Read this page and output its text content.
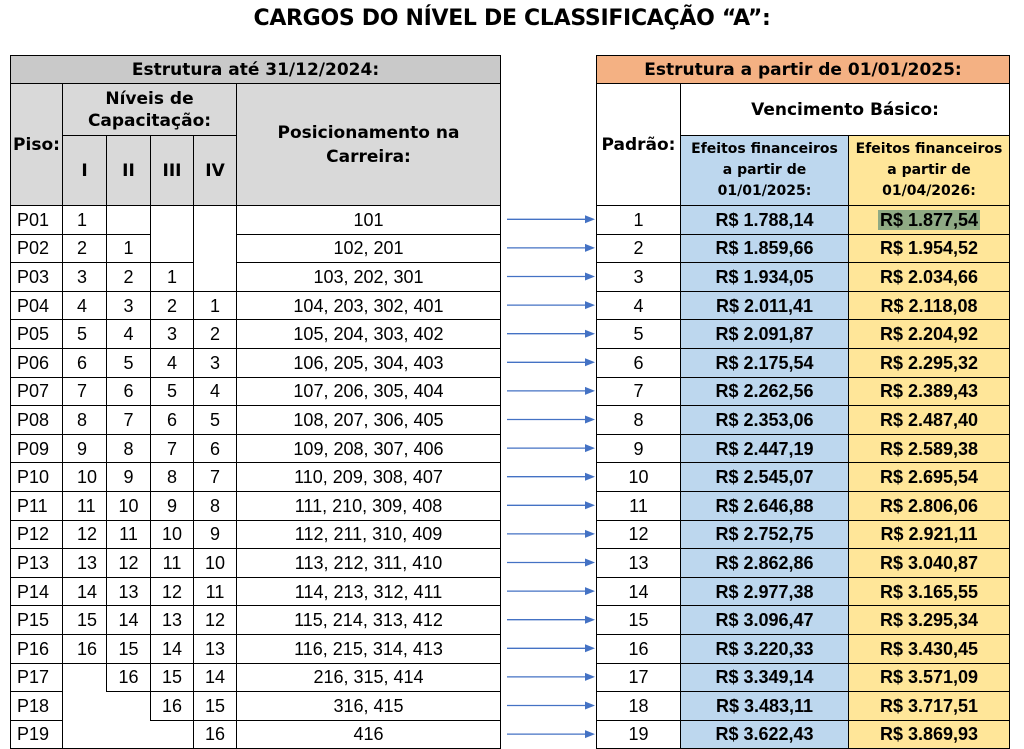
CARGOS DO NÍVEL DE CLASSIFICAÇÃO “A”:
Estrutura até 31/12/2024:					
Piso:	Níveis de Capacitação:				Posicionamento na Carreira:
	I	II	III	IV	
P01	1				101
P02	2	1			102, 201
P03	3	2	1		103, 202, 301
P04	4	3	2	1	104, 203, 302, 401
P05	5	4	3	2	105, 204, 303, 402
P06	6	5	4	3	106, 205, 304, 403
P07	7	6	5	4	107, 206, 305, 404
P08	8	7	6	5	108, 207, 306, 405
P09	9	8	7	6	109, 208, 307, 406
P10	10	9	8	7	110, 209, 308, 407
P11	11	10	9	8	111, 210, 309, 408
P12	12	11	10	9	112, 211, 310, 409
P13	13	12	11	10	113, 212, 311, 410
P14	14	13	12	11	114, 213, 312, 411
P15	15	14	13	12	115, 214, 313, 412
P16	16	15	14	13	116, 215, 314, 413
P17		16	15	14	216, 315, 414
P18			16	15	316, 415
P19				16	416
Estrutura a partir de 01/01/2025:		
Padrão:	Vencimento Básico:	
	Efeitos financeiros a partir de 01/01/2025:	Efeitos financeiros a partir de 01/04/2026:
1	R$ 1.788,14	R$ 1.877,54
2	R$ 1.859,66	R$ 1.954,52
3	R$ 1.934,05	R$ 2.034,66
4	R$ 2.011,41	R$ 2.118,08
5	R$ 2.091,87	R$ 2.204,92
6	R$ 2.175,54	R$ 2.295,32
7	R$ 2.262,56	R$ 2.389,43
8	R$ 2.353,06	R$ 2.487,40
9	R$ 2.447,19	R$ 2.589,38
10	R$ 2.545,07	R$ 2.695,54
11	R$ 2.646,88	R$ 2.806,06
12	R$ 2.752,75	R$ 2.921,11
13	R$ 2.862,86	R$ 3.040,87
14	R$ 2.977,38	R$ 3.165,55
15	R$ 3.096,47	R$ 3.295,34
16	R$ 3.220,33	R$ 3.430,45
17	R$ 3.349,14	R$ 3.571,09
18	R$ 3.483,11	R$ 3.717,51
19	R$ 3.622,43	R$ 3.869,93
